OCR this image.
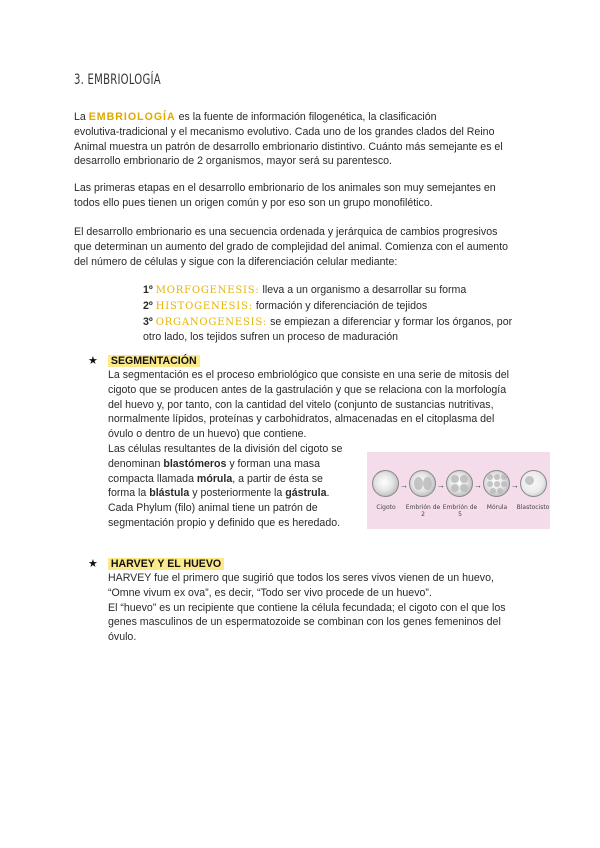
3. EMBRIOLOGÍA
La EMBRIOLOGÍA es la fuente de información filogenética, la clasificación
evolutiva-tradicional y el mecanismo evolutivo. Cada uno de los grandes clados del Reino
Animal muestra un patrón de desarrollo embrionario distintivo. Cuánto más semejante es el
desarrollo embrionario de 2 organismos, mayor será su parentesco.
Las primeras etapas en el desarrollo embrionario de los animales son muy semejantes en
todos ello pues tienen un origen común y por eso son un grupo monofilético.
El desarrollo embrionario es una secuencia ordenada y jerárquica de cambios progresivos
que determinan un aumento del grado de complejidad del animal. Comienza con el aumento
del número de células y sigue con la diferenciación celular mediante:
1º MORFOGENESIS: lleva a un organismo a desarrollar su forma
2º HISTOGENESIS: formación y diferenciación de tejidos
3º ORGANOGENESIS: se empiezan a diferenciar y formar los órganos, por
otro lado, los tejidos sufren un proceso de maduración
★ SEGMENTACIÓN
La segmentación es el proceso embriológico que consiste en una serie de mitosis del
cigoto que se producen antes de la gastrulación y que se relaciona con la morfología
del huevo y, por tanto, con la cantidad del vitelo (conjunto de sustancias nutritivas,
normalmente lípidos, proteínas y carbohidratos, almacenadas en el citoplasma del
óvulo o dentro de un huevo) que contiene.
Las células resultantes de la división del cigoto se
denominan blastómeros y forman una masa
compacta llamada mórula, a partir de ésta se
forma la blástula y posteriormente la gástrula.
Cada Phylum (filo) animal tiene un patrón de
segmentación propio y definido que es heredado.
→	→	→	→
Cigoto	Embrión de 2
Embrión de 5
Mórula	Blastocisto
★ HARVEY Y EL HUEVO
HARVEY fue el primero que sugirió que todos los seres vivos vienen de un huevo,
“Omne vivum ex ova”, es decir, “Todo ser vivo procede de un huevo”.
El “huevo” es un recipiente que contiene la célula fecundada; el cigoto con el que los
genes masculinos de un espermatozoide se combinan con los genes femeninos del
óvulo.
